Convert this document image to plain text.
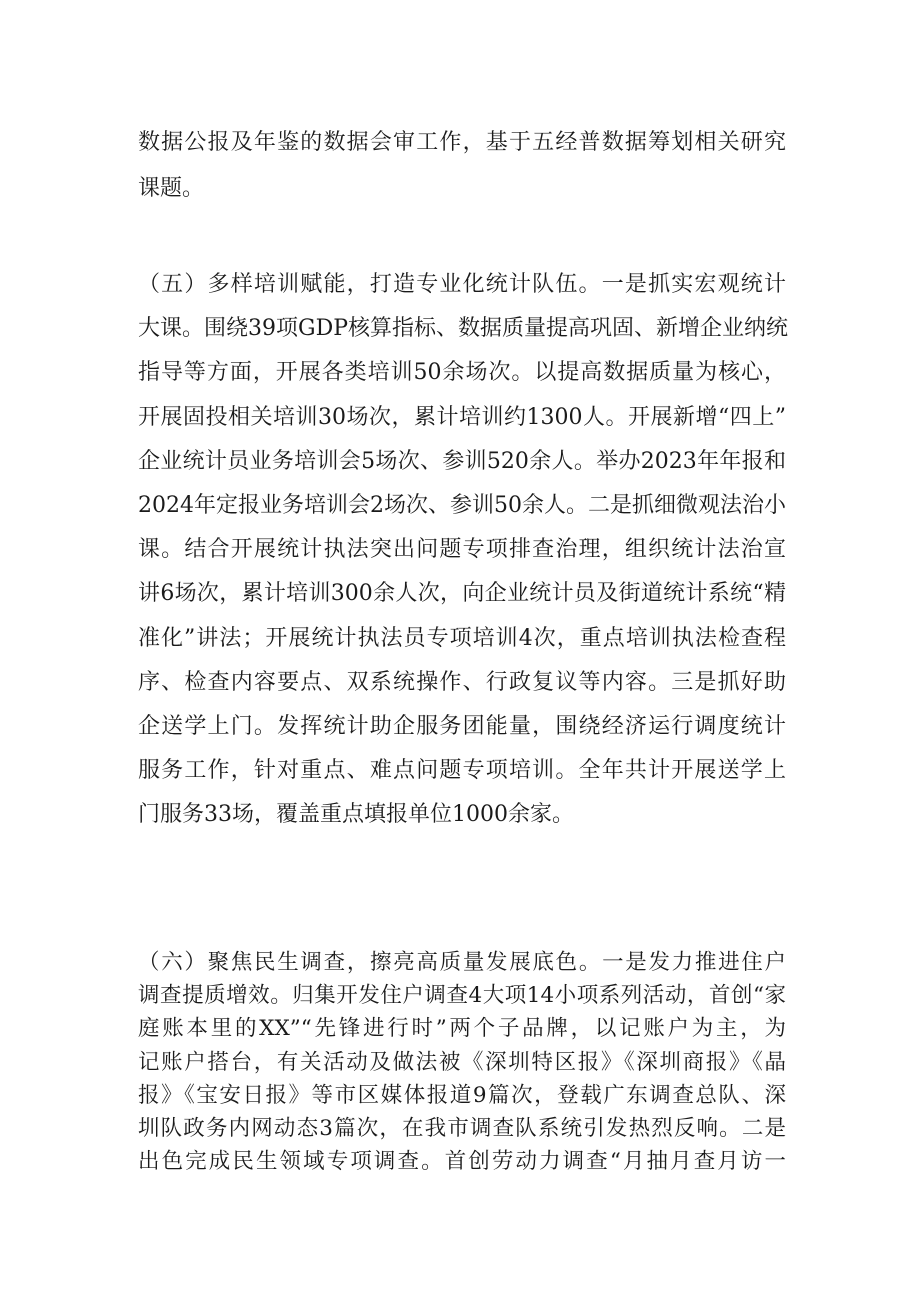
数据公报及年鉴的数据会审工作，基于五经普数据筹划相关研究
课题。
（五）多样培训赋能，打造专业化统计队伍。一是抓实宏观统计
大课。围绕39项GDP核算指标、数据质量提高巩固、新增企业纳统
指导等方面，开展各类培训50余场次。以提高数据质量为核心，
开展固投相关培训30场次，累计培训约1300人。开展新增“四上”
企业统计员业务培训会5场次、参训520余人。举办2023年年报和
2024年定报业务培训会2场次、参训50余人。二是抓细微观法治小
课。结合开展统计执法突出问题专项排查治理，组织统计法治宣
讲6场次，累计培训300余人次，向企业统计员及街道统计系统“精
准化”讲法；开展统计执法员专项培训4次，重点培训执法检查程
序、检查内容要点、双系统操作、行政复议等内容。三是抓好助
企送学上门。发挥统计助企服务团能量，围绕经济运行调度统计
服务工作，针对重点、难点问题专项培训。全年共计开展送学上
门服务33场，覆盖重点填报单位1000余家。
（六）聚焦民生调查，擦亮高质量发展底色。一是发力推进住户
调查提质增效。归集开发住户调查4大项14小项系列活动，首创“家
庭账本里的XX”“先锋进行时”两个子品牌，以记账户为主，为
记账户搭台，有关活动及做法被《深圳特区报》《深圳商报》《晶
报》《宝安日报》等市区媒体报道9篇次，登载广东调查总队、深
圳队政务内网动态3篇次，在我市调查队系统引发热烈反响。二是
出色完成民生领域专项调查。首创劳动力调查“月抽月查月访一
